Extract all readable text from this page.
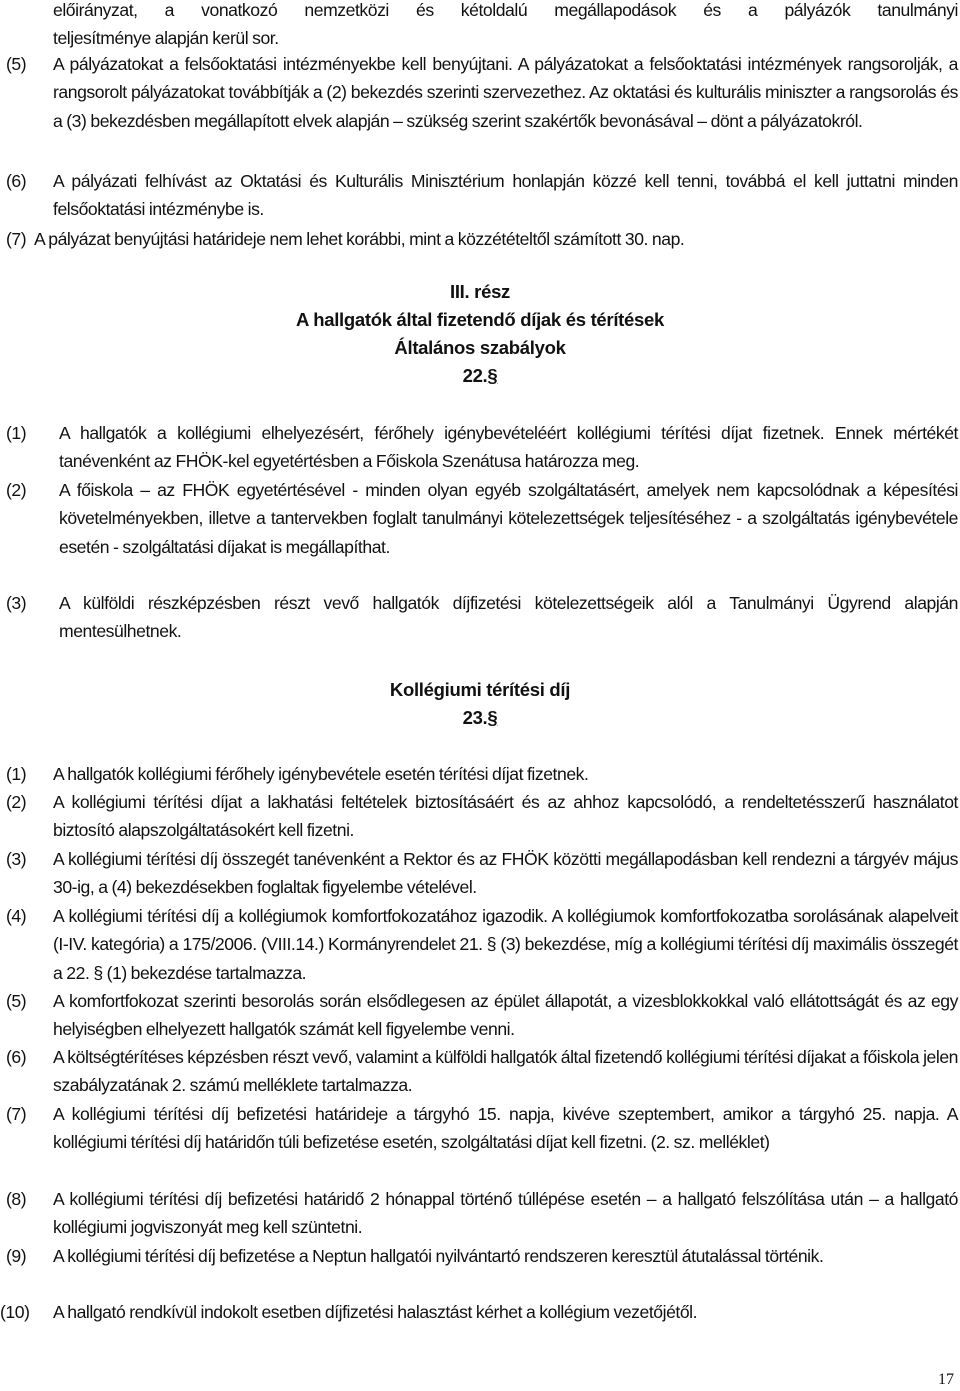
előirányzat, a vonatkozó nemzetközi és kétoldalú megállapodások és a pályázók tanulmányi
teljesítménye alapján kerül sor.
(5) A pályázatokat a felsőoktatási intézményekbe kell benyújtani. A pályázatokat a felsőoktatási intézmények rangsorolják, a rangsorolt pályázatokat továbbítják a (2) bekezdés szerinti szervezethez. Az oktatási és kulturális miniszter a rangsorolás és a (3) bekezdésben megállapított elvek alapján – szükség szerint szakértők bevonásával – dönt a pályázatokról.
(6) A pályázati felhívást az Oktatási és Kulturális Minisztérium honlapján közzé kell tenni, továbbá el kell juttatni minden felsőoktatási intézménybe is.
(7) A pályázat benyújtási határideje nem lehet korábbi, mint a közzétételtől számított 30. nap.
III. rész
A hallgatók által fizetendő díjak és térítések
Általános szabályok
22.§
(1) A hallgatók a kollégiumi elhelyezésért, férőhely igénybevételéért kollégiumi térítési díjat fizetnek. Ennek mértékét tanévenként az FHÖK-kel egyetértésben a Főiskola Szenátusa határozza meg.
(2) A főiskola – az FHÖK egyetértésével - minden olyan egyéb szolgáltatásért, amelyek nem kapcsolódnak a képesítési követelményekben, illetve a tantervekben foglalt tanulmányi kötelezettségek teljesítéséhez - a szolgáltatás igénybevétele esetén - szolgáltatási díjakat is megállapíthat.
(3) A külföldi részképzésben részt vevő hallgatók díjfizetési kötelezettségeik alól a Tanulmányi Ügyrend alapján mentesülhetnek.
Kollégiumi térítési díj
23.§
(1) A hallgatók kollégiumi férőhely igénybevétele esetén térítési díjat fizetnek.
(2) A kollégiumi térítési díjat a lakhatási feltételek biztosításáért és az ahhoz kapcsolódó, a rendeltetésszerű használatot biztosító alapszolgáltatásokért kell fizetni.
(3) A kollégiumi térítési díj összegét tanévenként a Rektor és az FHÖK közötti megállapodásban kell rendezni a tárgyév május 30-ig, a (4) bekezdésekben foglaltak figyelembe vételével.
(4) A kollégiumi térítési díj a kollégiumok komfortfokozatához igazodik. A kollégiumok komfortfokozatba sorolásának alapelveit (I-IV. kategória) a 175/2006. (VIII.14.) Kormányrendelet 21. § (3) bekezdése, míg a kollégiumi térítési díj maximális összegét a 22. § (1) bekezdése tartalmazza.
(5) A komfortfokozat szerinti besorolás során elsődlegesen az épület állapotát, a vizesblokkokkal való ellátottságát és az egy helyiségben elhelyezett hallgatók számát kell figyelembe venni.
(6) A költségtérítéses képzésben részt vevő, valamint a külföldi hallgatók által fizetendő kollégiumi térítési díjakat a főiskola jelen szabályzatának 2. számú melléklete tartalmazza.
(7) A kollégiumi térítési díj befizetési határideje a tárgyhó 15. napja, kivéve szeptembert, amikor a tárgyhó 25. napja. A kollégiumi térítési díj határidőn túli befizetése esetén, szolgáltatási díjat kell fizetni. (2. sz. melléklet)
(8) A kollégiumi térítési díj befizetési határidő 2 hónappal történő túllépése esetén – a hallgató felszólítása után – a hallgató kollégiumi jogviszonyát meg kell szüntetni.
(9) A kollégiumi térítési díj befizetése a Neptun hallgatói nyilvántartó rendszeren keresztül átutalással történik.
(10) A hallgató rendkívül indokolt esetben díjfizetési halasztást kérhet a kollégium vezetőjétől.
17
